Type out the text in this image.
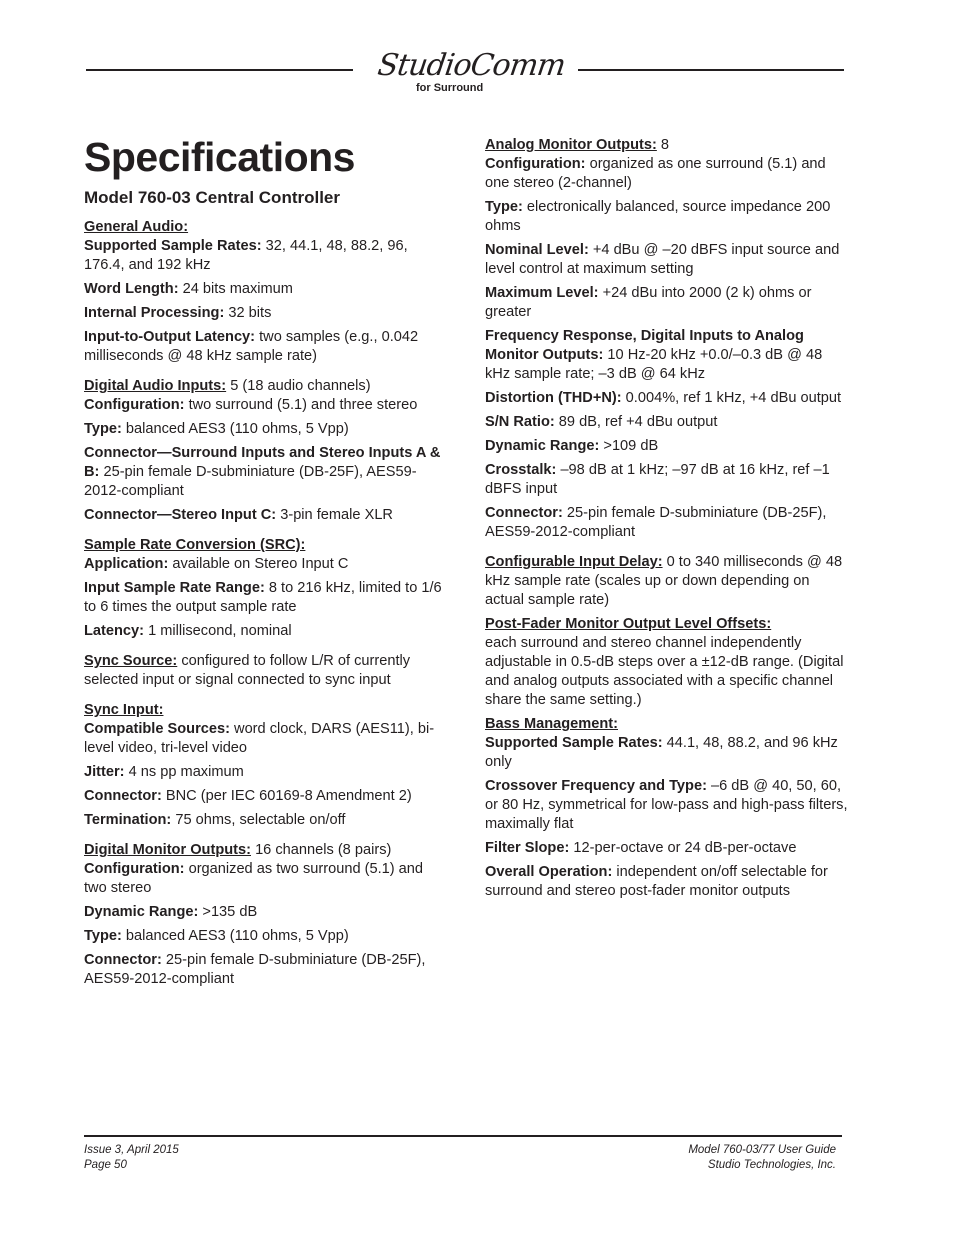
StudioComm
for Surround
Specifications
Model 760-03 Central Controller
General Audio:

Supported Sample Rates: 32, 44.1, 48, 88.2, 96, 176.4, and 192 kHz

Word Length: 24 bits maximum

Internal Processing: 32 bits

Input-to-Output Latency: two samples (e.g., 0.042 milliseconds @ 48 kHz sample rate)

Digital Audio Inputs: 5 (18 audio channels)

Configuration: two surround (5.1) and three stereo

Type: balanced AES3 (110 ohms, 5 Vpp)

Connector—Surround Inputs and Stereo Inputs A & B: 25-pin female D-subminiature (DB-25F), AES59-2012-compliant

Connector—Stereo Input C: 3-pin female XLR

Sample Rate Conversion (SRC):

Application: available on Stereo Input C

Input Sample Rate Range: 8 to 216 kHz, limited to 1/6 to 6 times the output sample rate

Latency: 1 millisecond, nominal

Sync Source: configured to follow L/R of currently selected input or signal connected to sync input

Sync Input:

Compatible Sources: word clock, DARS (AES11), bi-level video, tri-level video

Jitter: 4 ns pp maximum

Connector: BNC (per IEC 60169-8 Amendment 2)

Termination: 75 ohms, selectable on/off

Digital Monitor Outputs: 16 channels (8 pairs)

Configuration: organized as two surround (5.1) and two stereo

Dynamic Range: >135 dB

Type: balanced AES3 (110 ohms, 5 Vpp)

Connector: 25-pin female D-subminiature (DB-25F), AES59-2012-compliant

Analog Monitor Outputs: 8

Configuration: organized as one surround (5.1) and one stereo (2-channel)

Type: electronically balanced, source impedance 200 ohms

Nominal Level: +4 dBu @ –20 dBFS input source and level control at maximum setting

Maximum Level: +24 dBu into 2000 (2 k) ohms or greater

Frequency Response, Digital Inputs to Analog Monitor Outputs: 10 Hz-20 kHz +0.0/–0.3 dB @ 48 kHz sample rate; –3 dB @ 64 kHz

Distortion (THD+N): 0.004%, ref 1 kHz, +4 dBu output

S/N Ratio: 89 dB, ref +4 dBu output

Dynamic Range: >109 dB

Crosstalk: –98 dB at 1 kHz; –97 dB at 16 kHz, ref –1 dBFS input

Connector: 25-pin female D-subminiature (DB-25F), AES59-2012-compliant

Configurable Input Delay: 0 to 340 milliseconds @ 48 kHz sample rate (scales up or down depending on actual sample rate)

Post-Fader Monitor Output Level Offsets:

each surround and stereo channel independently adjustable in 0.5-dB steps over a ±12-dB range. (Digital and analog outputs associated with a specific channel share the same setting.)

Bass Management:

Supported Sample Rates: 44.1, 48, 88.2, and 96 kHz only

Crossover Frequency and Type: –6 dB @ 40, 50, 60, or 80 Hz, symmetrical for low-pass and high-pass filters, maximally flat

Filter Slope: 12-per-octave or 24 dB-per-octave

Overall Operation: independent on/off selectable for surround and stereo post-fader monitor outputs

Issue 3, April 2015
Page 50
Model 760-03/77 User Guide
Studio Technologies, Inc.
